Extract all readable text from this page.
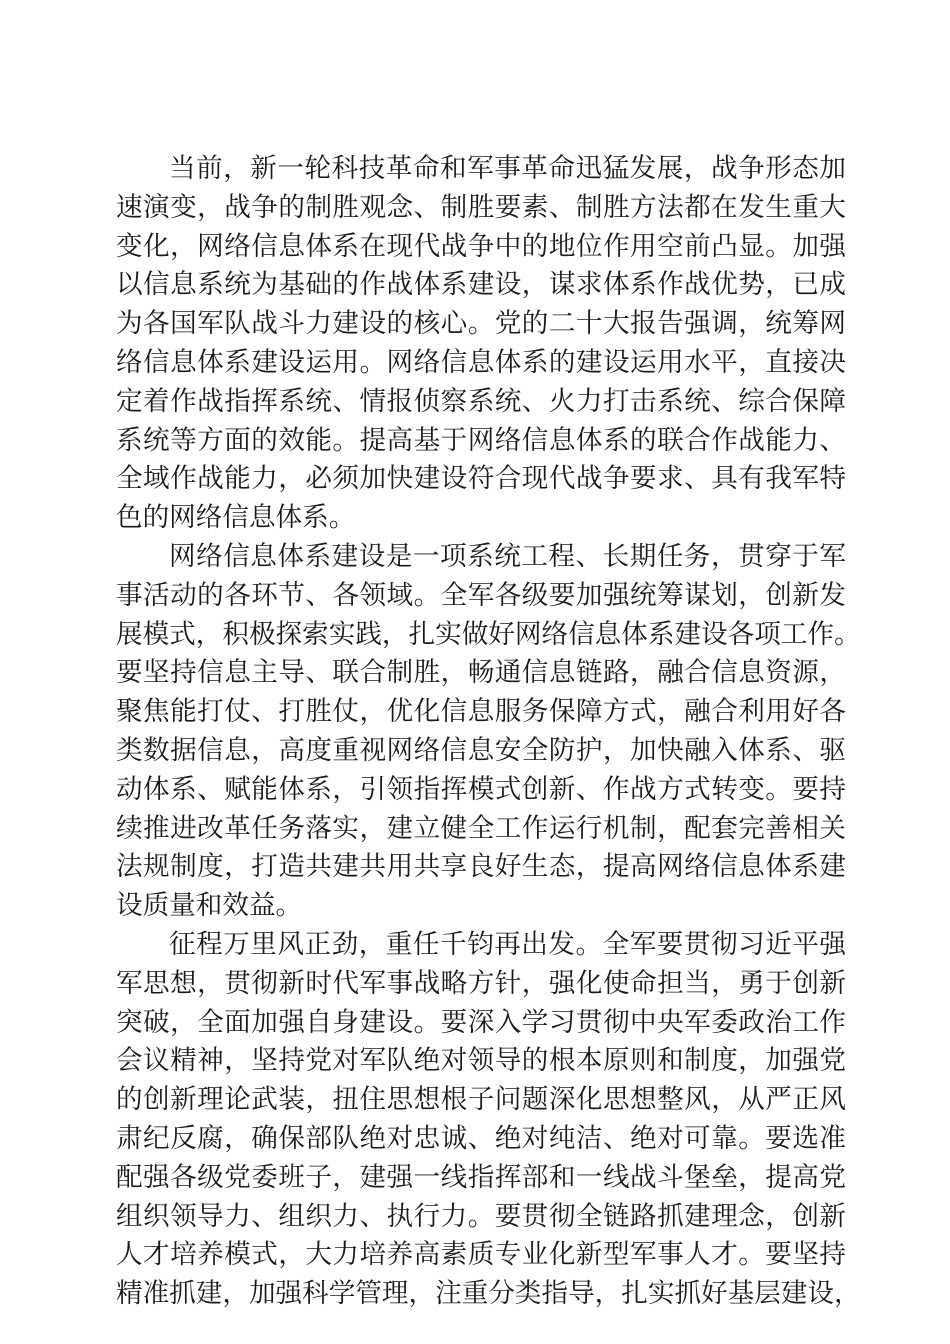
当前，新一轮科技革命和军事革命迅猛发展，战争形态加
速演变，战争的制胜观念、制胜要素、制胜方法都在发生重大
变化，网络信息体系在现代战争中的地位作用空前凸显。加强
以信息系统为基础的作战体系建设，谋求体系作战优势，已成
为各国军队战斗力建设的核心。党的二十大报告强调，统筹网
络信息体系建设运用。网络信息体系的建设运用水平，直接决
定着作战指挥系统、情报侦察系统、火力打击系统、综合保障
系统等方面的效能。提高基于网络信息体系的联合作战能力、
全域作战能力，必须加快建设符合现代战争要求、具有我军特
色的网络信息体系。
网络信息体系建设是一项系统工程、长期任务，贯穿于军
事活动的各环节、各领域。全军各级要加强统筹谋划，创新发
展模式，积极探索实践，扎实做好网络信息体系建设各项工作。
要坚持信息主导、联合制胜，畅通信息链路，融合信息资源，
聚焦能打仗、打胜仗，优化信息服务保障方式，融合利用好各
类数据信息，高度重视网络信息安全防护，加快融入体系、驱
动体系、赋能体系，引领指挥模式创新、作战方式转变。要持
续推进改革任务落实，建立健全工作运行机制，配套完善相关
法规制度，打造共建共用共享良好生态，提高网络信息体系建
设质量和效益。
征程万里风正劲，重任千钧再出发。全军要贯彻习近平强
军思想，贯彻新时代军事战略方针，强化使命担当，勇于创新
突破，全面加强自身建设。要深入学习贯彻中央军委政治工作
会议精神，坚持党对军队绝对领导的根本原则和制度，加强党
的创新理论武装，扭住思想根子问题深化思想整风，从严正风
肃纪反腐，确保部队绝对忠诚、绝对纯洁、绝对可靠。要选准
配强各级党委班子，建强一线指挥部和一线战斗堡垒，提高党
组织领导力、组织力、执行力。要贯彻全链路抓建理念，创新
人才培养模式，大力培养高素质专业化新型军事人才。要坚持
精准抓建，加强科学管理，注重分类指导，扎实抓好基层建设，
